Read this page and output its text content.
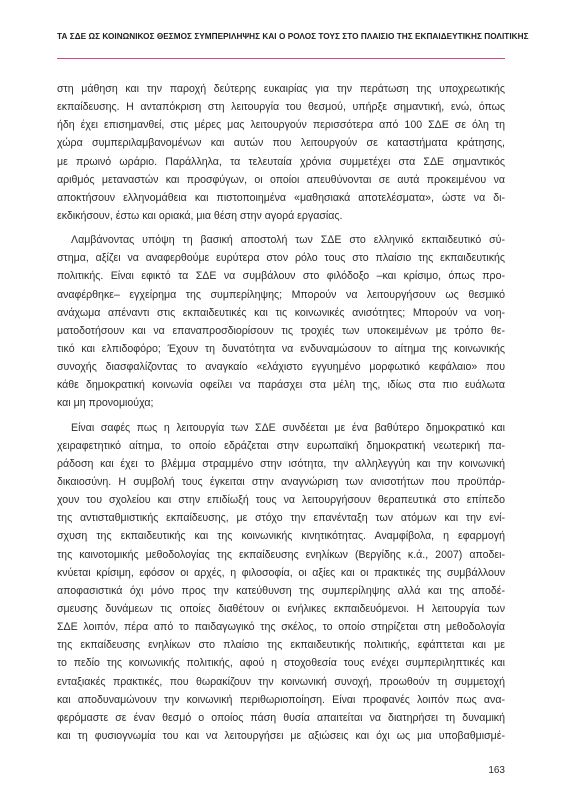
ΤΑ ΣΔΕ ΩΣ ΚΟΙΝΩΝΙΚΟΣ ΘΕΣΜΟΣ ΣΥΜΠΕΡΙΛΗΨΗΣ ΚΑΙ Ο ΡΟΛΟΣ ΤΟΥΣ ΣΤΟ ΠΛΑΙΣΙΟ ΤΗΣ ΕΚΠΑΙΔΕΥΤΙΚΗΣ ΠΟΛΙΤΙΚΗΣ
στη μάθηση και την παροχή δεύτερης ευκαιρίας για την περάτωση της υποχρεωτικής
εκπαίδευσης. Η ανταπόκριση στη λειτουργία του θεσμού, υπήρξε σημαντική, ενώ, όπως
ήδη έχει επισημανθεί, στις μέρες μας λειτουργούν περισσότερα από 100 ΣΔΕ σε όλη τη
χώρα συμπεριλαμβανομένων και αυτών που λειτουργούν σε καταστήματα κράτησης,
με πρωινό ωράριο. Παράλληλα, τα τελευταία χρόνια συμμετέχει στα ΣΔΕ σημαντικός
αριθμός μεταναστών και προσφύγων, οι οποίοι απευθύνονται σε αυτά προκειμένου να
αποκτήσουν ελληνομάθεια και πιστοποιημένα «μαθησιακά αποτελέσματα», ώστε να δι-
εκδικήσουν, έστω και οριακά, μια θέση στην αγορά εργασίας.
Λαμβάνοντας υπόψη τη βασική αποστολή των ΣΔΕ στο ελληνικό εκπαιδευτικό σύ-
στημα, αξίζει να αναφερθούμε ευρύτερα στον ρόλο τους στο πλαίσιο της εκπαιδευτικής
πολιτικής. Είναι εφικτό τα ΣΔΕ να συμβάλουν στο φιλόδοξο –και κρίσιμο, όπως προ-
αναφέρθηκε– εγχείρημα της συμπερίληψης; Μπορούν να λειτουργήσουν ως θεσμικό
ανάχωμα απέναντι στις εκπαιδευτικές και τις κοινωνικές ανισότητες; Μπορούν να νοη-
ματοδοτήσουν και να επαναπροσδιορίσουν τις τροχιές των υποκειμένων με τρόπο θε-
τικό και ελπιδοφόρο; Έχουν τη δυνατότητα να ενδυναμώσουν το αίτημα της κοινωνικής
συνοχής διασφαλίζοντας το αναγκαίο «ελάχιστο εγγυημένο μορφωτικό κεφάλαιο» που
κάθε δημοκρατική κοινωνία οφείλει να παράσχει στα μέλη της, ιδίως στα πιο ευάλωτα
και μη προνομιούχα;
Είναι σαφές πως η λειτουργία των ΣΔΕ συνδέεται με ένα βαθύτερο δημοκρατικό και
χειραφετητικό αίτημα, το οποίο εδράζεται στην ευρωπαϊκή δημοκρατική νεωτερική πα-
ράδοση και έχει το βλέμμα στραμμένο στην ισότητα, την αλληλεγγύη και την κοινωνική
δικαιοσύνη. Η συμβολή τους έγκειται στην αναγνώριση των ανισοτήτων που προϋπάρ-
χουν του σχολείου και στην επιδίωξή τους να λειτουργήσουν θεραπευτικά στο επίπεδο
της αντισταθμιστικής εκπαίδευσης, με στόχο την επανένταξη των ατόμων και την ενί-
σχυση της εκπαιδευτικής και της κοινωνικής κινητικότητας. Αναμφίβολα, η εφαρμογή
της καινοτομικής μεθοδολογίας της εκπαίδευσης ενηλίκων (Βεργίδης κ.ά., 2007) αποδει-
κνύεται κρίσιμη, εφόσον οι αρχές, η φιλοσοφία, οι αξίες και οι πρακτικές της συμβάλλουν
αποφασιστικά όχι μόνο προς την κατεύθυνση της συμπερίληψης αλλά και της αποδέ-
σμευσης δυνάμεων τις οποίες διαθέτουν οι ενήλικες εκπαιδευόμενοι. Η λειτουργία των
ΣΔΕ λοιπόν, πέρα από το παιδαγωγικό της σκέλος, το οποίο στηρίζεται στη μεθοδολογία
της εκπαίδευσης ενηλίκων στο πλαίσιο της εκπαιδευτικής πολιτικής, εφάπτεται και με
το πεδίο της κοινωνικής πολιτικής, αφού η στοχοθεσία τους ενέχει συμπεριληπτικές και
ενταξιακές πρακτικές, που θωρακίζουν την κοινωνική συνοχή, προωθούν τη συμμετοχή
και αποδυναμώνουν την κοινωνική περιθωριοποίηση. Είναι προφανές λοιπόν πως ανα-
φερόμαστε σε έναν θεσμό ο οποίος πάση θυσία απαιτείται να διατηρήσει τη δυναμική
και τη φυσιογνωμία του και να λειτουργήσει με αξιώσεις και όχι ως μια υποβαθμισμέ-
163
